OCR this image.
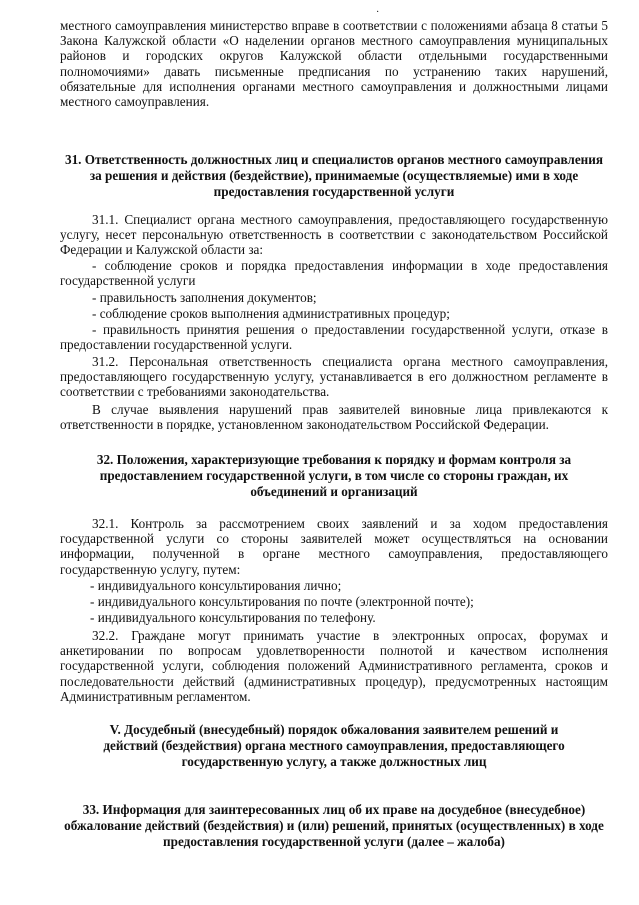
·
местного самоуправления министерство вправе в соответствии с положениями абзаца 8 статьи 5 Закона Калужской области «О наделении органов местного самоуправления муниципальных районов и городских округов Калужской области отдельными государственными полномочиями» давать письменные предписания по устранению таких нарушений, обязательные для исполнения органами местного самоуправления и должностными лицами местного самоуправления.
31. Ответственность должностных лиц и специалистов органов местного самоуправления за решения и действия (бездействие), принимаемые (осуществляемые) ими в ходе предоставления государственной услуги
31.1. Специалист органа местного самоуправления, предоставляющего государственную услугу, несет персональную ответственность в соответствии с законодательством Российской Федерации и Калужской области за:
- соблюдение сроков и порядка предоставления информации в ходе предоставления государственной услуги
- правильность заполнения документов;
- соблюдение сроков выполнения административных процедур;
- правильность принятия решения о предоставлении государственной услуги, отказе в предоставлении государственной услуги.
31.2. Персональная ответственность специалиста органа местного самоуправления, предоставляющего государственную услугу, устанавливается в его должностном регламенте в соответствии с требованиями законодательства.
В случае выявления нарушений прав заявителей виновные лица привлекаются к ответственности в порядке, установленном законодательством Российской Федерации.
32. Положения, характеризующие требования к порядку и формам контроля за предоставлением государственной услуги, в том числе со стороны граждан, их объединений и организаций
32.1. Контроль за рассмотрением своих заявлений и за ходом предоставления государственной услуги со стороны заявителей может осуществляться на основании информации, полученной в органе местного самоуправления, предоставляющего государственную услугу, путем:
- индивидуального консультирования лично;
- индивидуального консультирования по почте (электронной почте);
- индивидуального консультирования по телефону.
32.2. Граждане могут принимать участие в электронных опросах, форумах и анкетировании по вопросам удовлетворенности полнотой и качеством исполнения государственной услуги, соблюдения положений Административного регламента, сроков и последовательности действий (административных процедур), предусмотренных настоящим Административным регламентом.
V. Досудебный (внесудебный) порядок обжалования заявителем решений и действий (бездействия) органа местного самоуправления, предоставляющего государственную услугу, а также должностных лиц
33. Информация для заинтересованных лиц об их праве на досудебное (внесудебное) обжалование действий (бездействия) и (или) решений, принятых (осуществленных) в ходе предоставления государственной услуги (далее – жалоба)
